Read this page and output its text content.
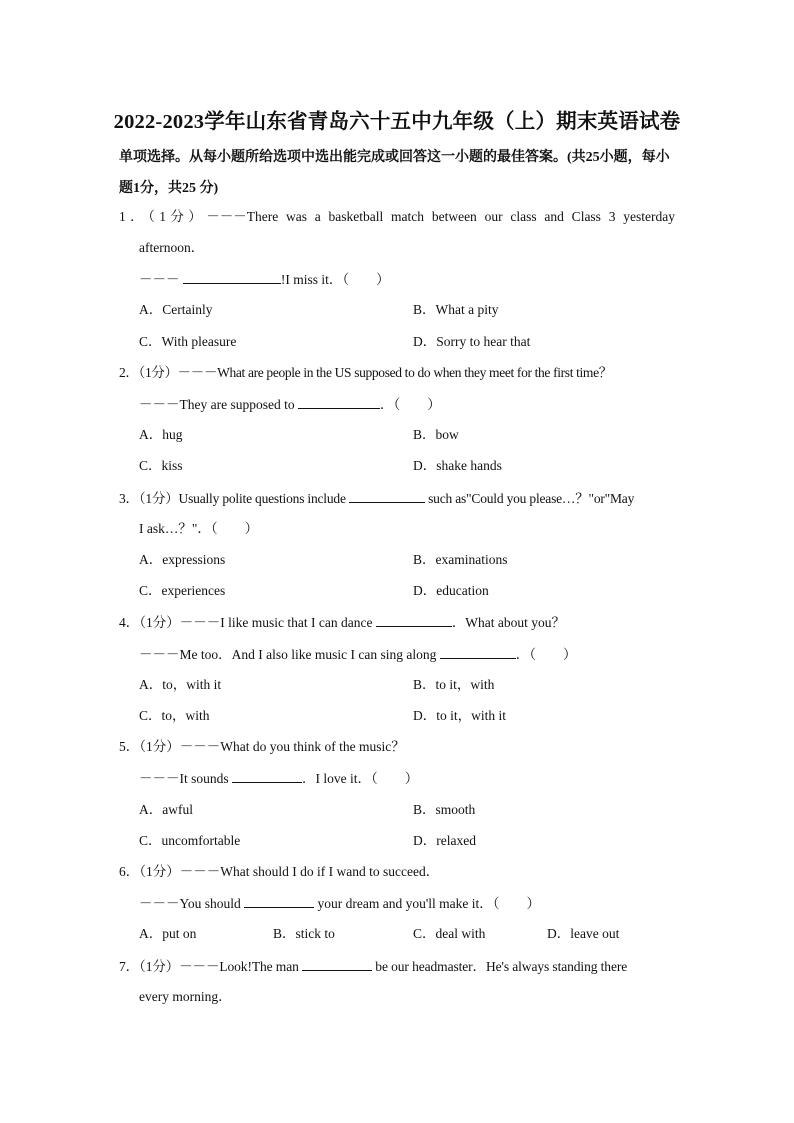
2022-2023学年山东省青岛六十五中九年级（上）期末英语试卷
单项选择。从每小题所给选项中选出能完成或回答这一小题的最佳答案。(共25小题，每小题1分，共25 分)
1．（1分）－－－There was a basketball match between our class and Class 3 yesterday
afternoon．
－－－	!I miss it．（　　）
A．Certainly	B．What a pity
C．With pleasure	D．Sorry to hear that
2．（1分）－－－What are people in the US supposed to do when they meet for the first time？
－－－They are supposed to	．（　　）
A．hug	B．bow
C．kiss	D．shake hands
3．（1分）Usually polite questions include	such as"Could you please…？"or"May
I ask…？"．（　　）
A．expressions	B．examinations
C．experiences	D．education
4．（1分）－－－I like music that I can dance	．What about you？
－－－Me too．And I also like music I can sing along	．（　　）
A．to，with it	B．to it，with
C．to，with	D．to it，with it
5．（1分）－－－What do you think of the music？
－－－It sounds	．I love it．（　　）
A．awful	B．smooth
C．uncomfortable	D．relaxed
6．（1分）－－－What should I do if I wand to succeed．
－－－You should	your dream and you'll make it．（　　）
A．put on	B．stick to	C．deal with	D．leave out
7．（1分）－－－Look!The man	be our headmaster．He's always standing there
every morning．
